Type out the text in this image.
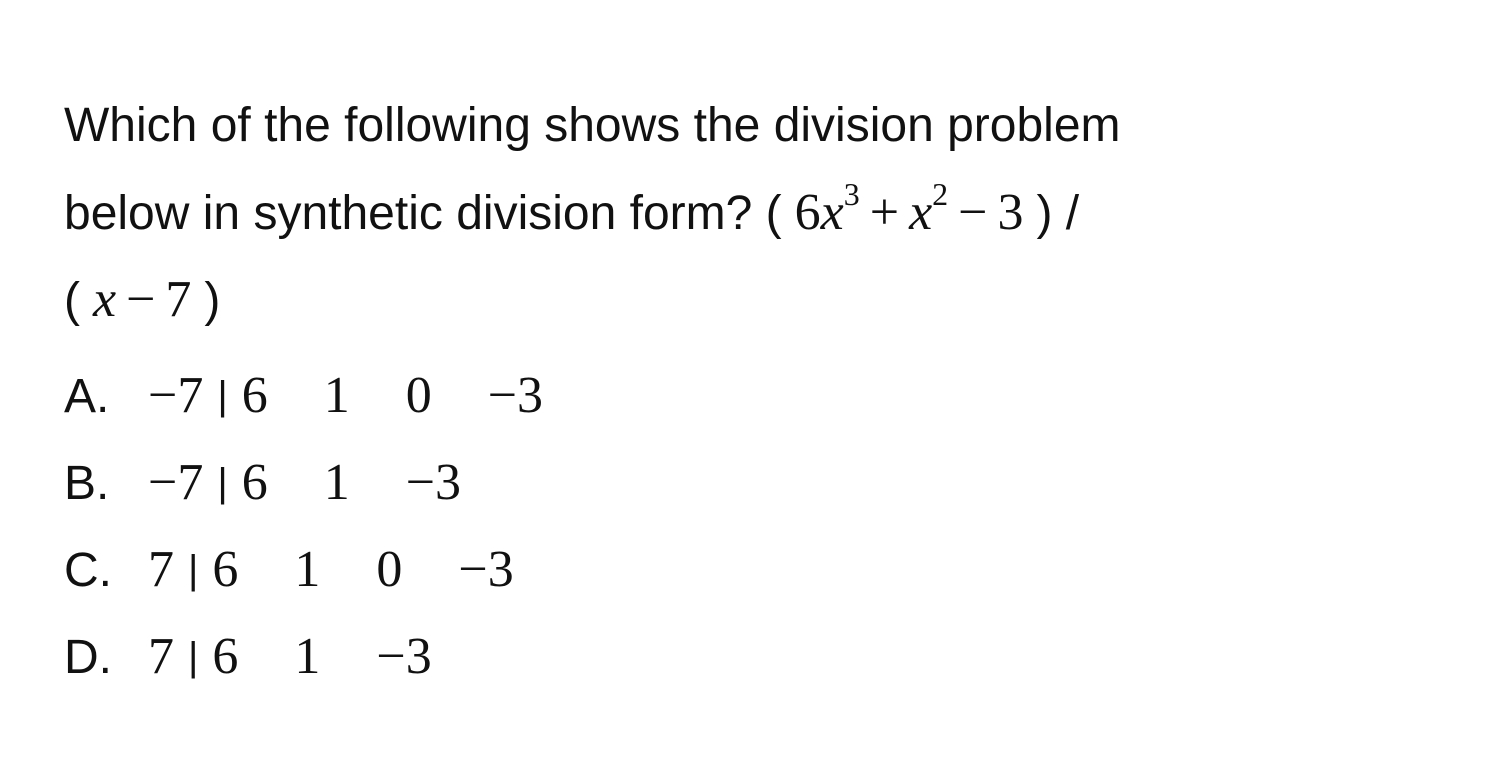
Which of the following shows the division problem
below in synthetic division form? ( $6x^3 + x^2 - 3$ ) /
( x − 7 )
A. −7 | 6 1 0 −3
B. −7 | 6 1 −3
C. 7 | 6 1 0 −3
D. 7 | 6 1 −3
